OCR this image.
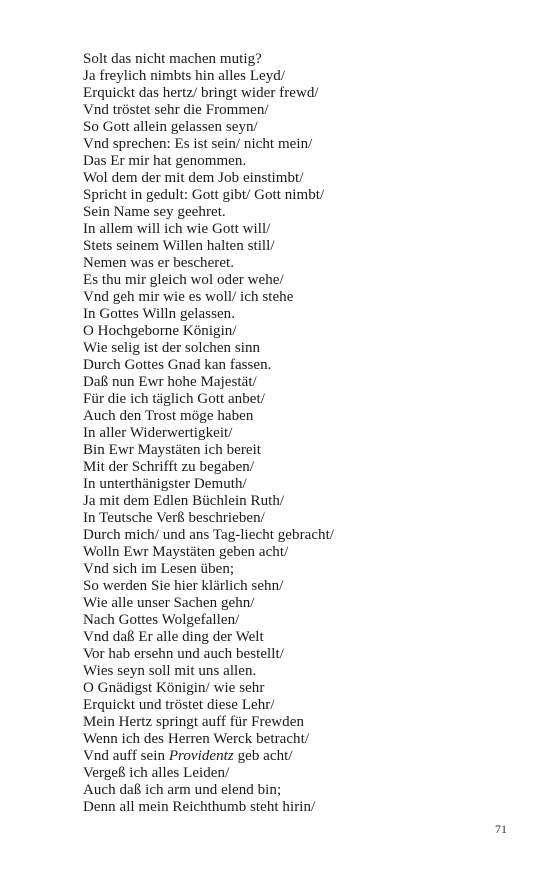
Solt das nicht machen mutig?
Ja freylich nimbts hin alles Leyd/
Erquickt das hertz/ bringt wider frewd/
Vnd tröstet sehr die Frommen/
So Gott allein gelassen seyn/
Vnd sprechen: Es ist sein/ nicht mein/
Das Er mir hat genommen.
Wol dem der mit dem Job einstimbt/
Spricht in gedult: Gott gibt/ Gott nimbt/
Sein Name sey geehret.
In allem will ich wie Gott will/
Stets seinem Willen halten still/
Nemen was er bescheret.
Es thu mir gleich wol oder wehe/
Vnd geh mir wie es woll/ ich stehe
In Gottes Willn gelassen.
O Hochgeborne Königin/
Wie selig ist der solchen sinn
Durch Gottes Gnad kan fassen.
Daß nun Ewr hohe Majestät/
Für die ich täglich Gott anbet/
Auch den Trost möge haben
In aller Widerwertigkeit/
Bin Ewr Maystäten ich bereit
Mit der Schrifft zu begaben/
In unterthänigster Demuth/
Ja mit dem Edlen Büchlein Ruth/
In Teutsche Verß beschrieben/
Durch mich/ und ans Tag-liecht gebracht/
Wolln Ewr Maystäten geben acht/
Vnd sich im Lesen üben;
So werden Sie hier klärlich sehn/
Wie alle unser Sachen gehn/
Nach Gottes Wolgefallen/
Vnd daß Er alle ding der Welt
Vor hab ersehn und auch bestellt/
Wies seyn soll mit uns allen.
O Gnädigst Königin/ wie sehr
Erquickt und tröstet diese Lehr/
Mein Hertz springt auff für Frewden
Wenn ich des Herren Werck betracht/
Vnd auff sein Providentz geb acht/
Vergeß ich alles Leiden/
Auch daß ich arm und elend bin;
Denn all mein Reichthumb steht hirin/
71
